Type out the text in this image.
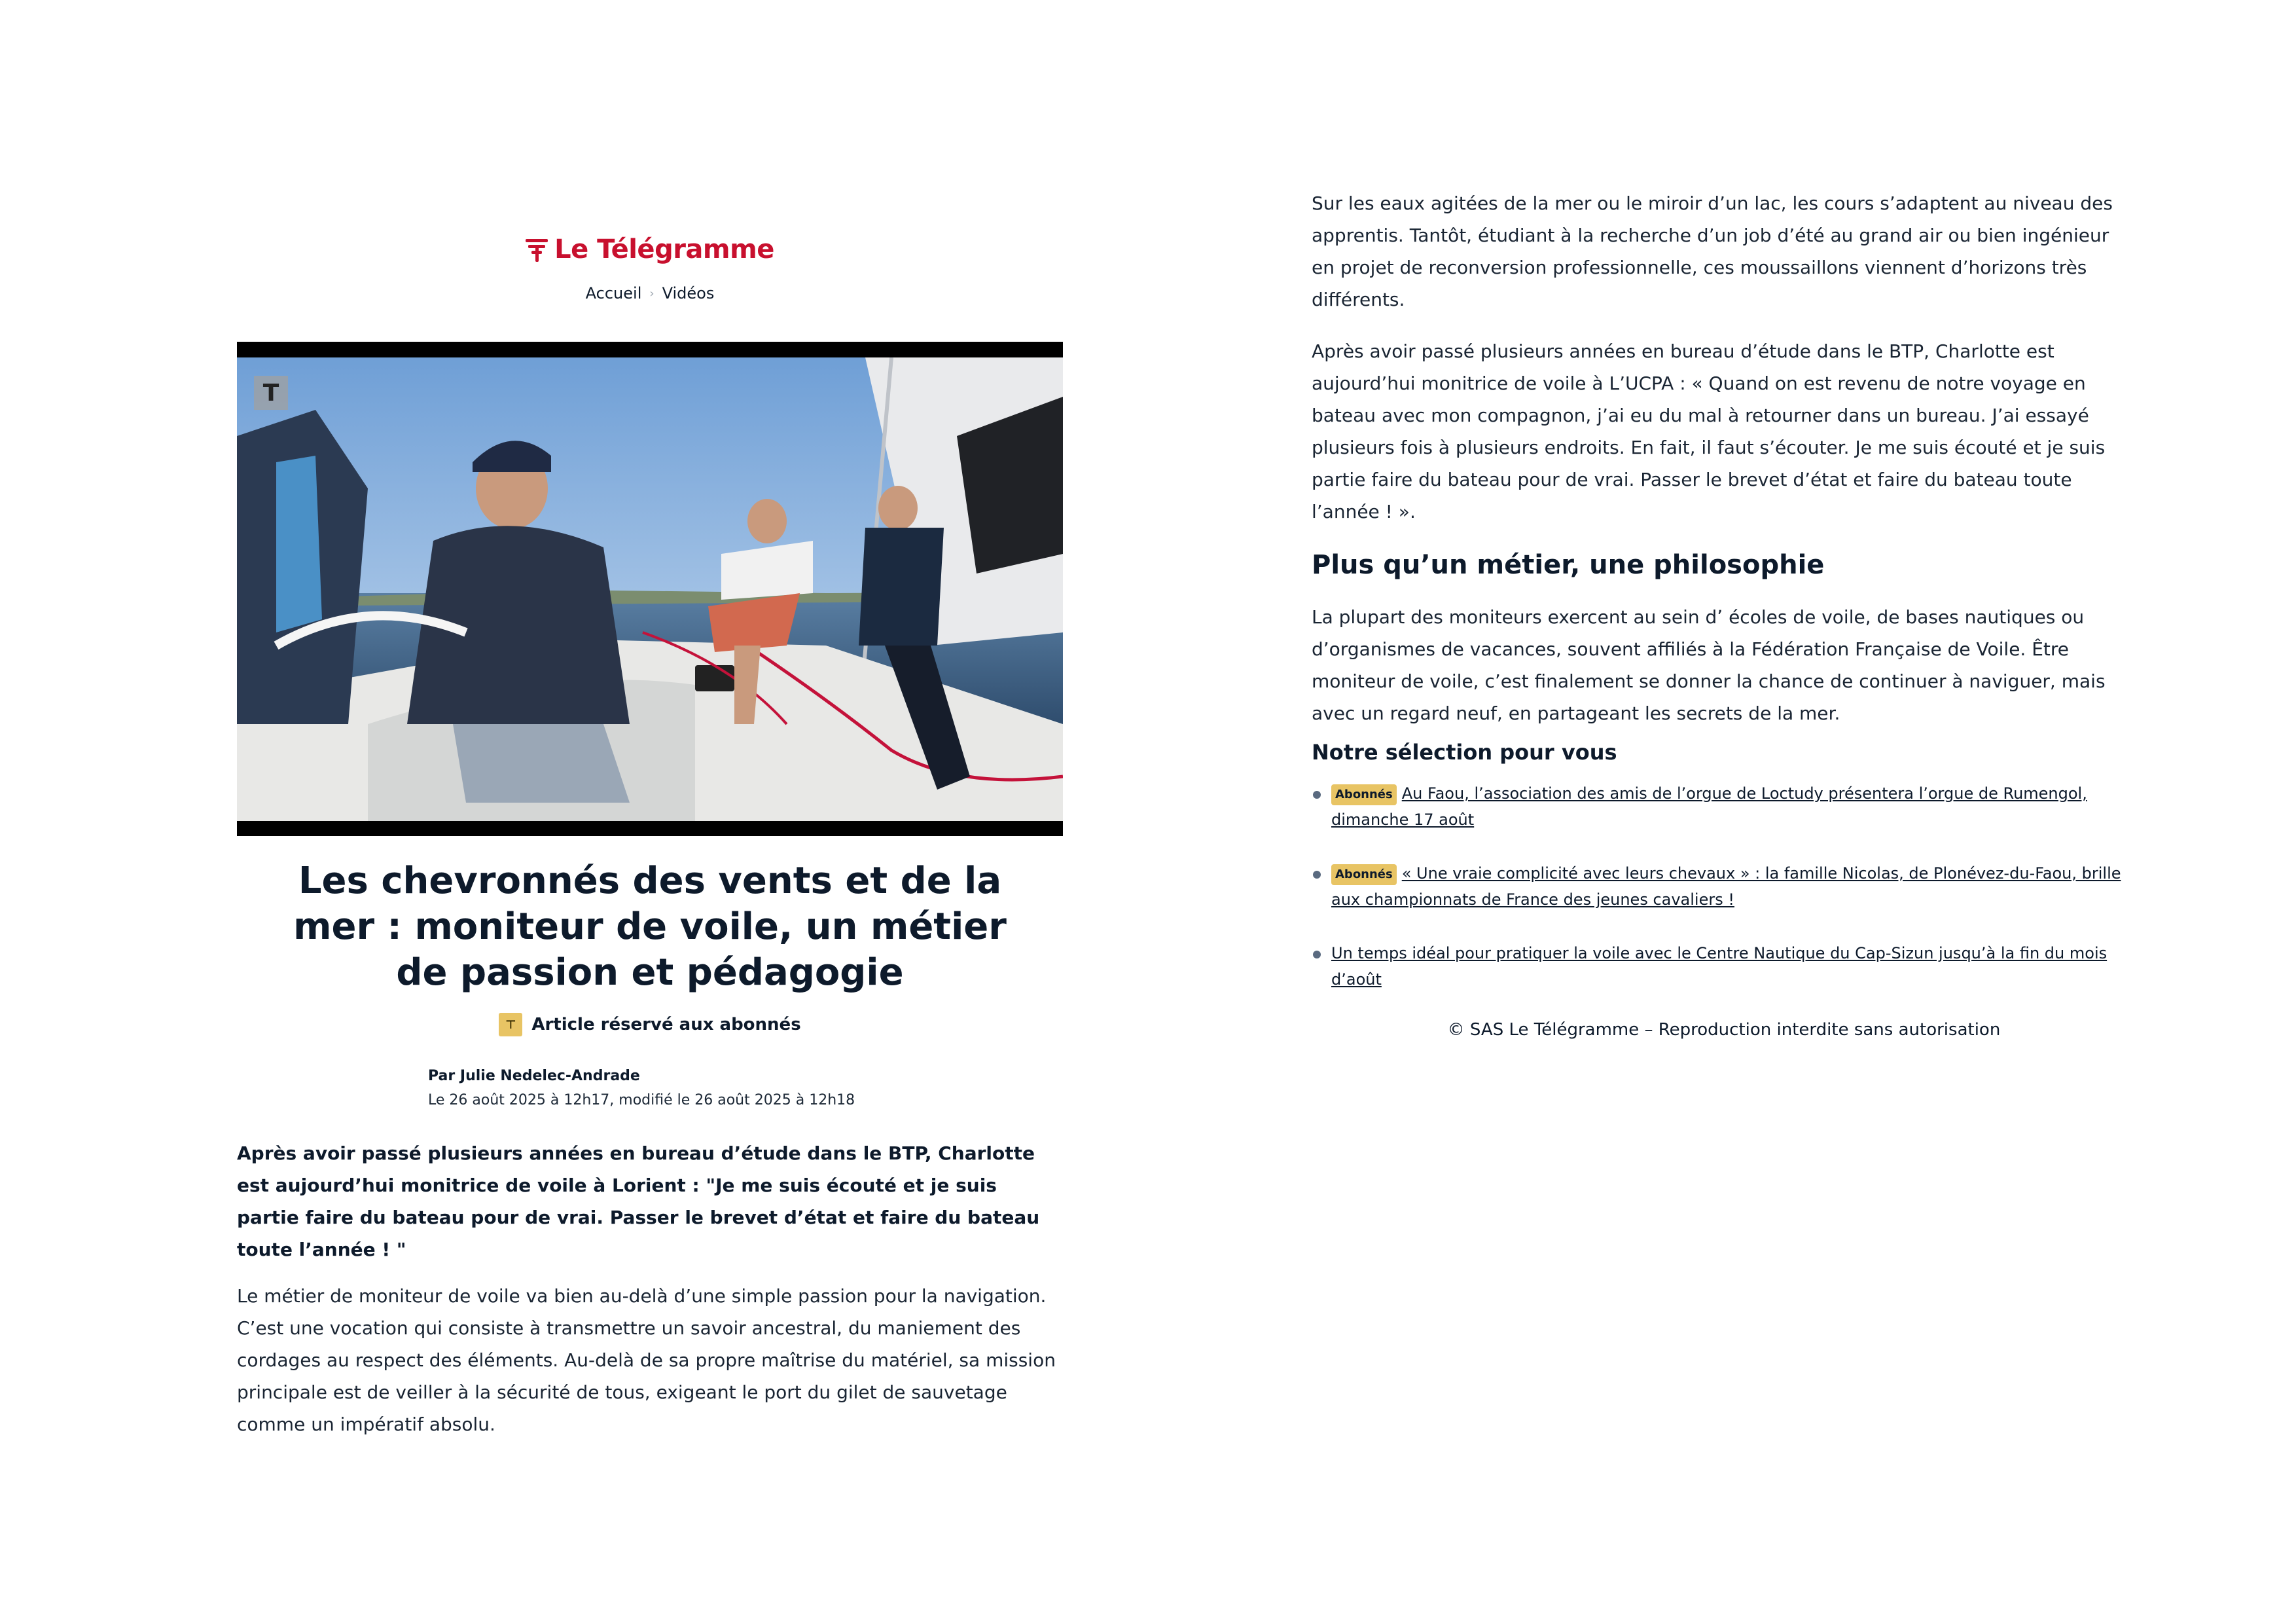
Le Télégramme
Accueil › Vidéos
T
Les chevronnés des vents et de la mer : moniteur de voile, un métier de passion et pédagogie
⊤ Article réservé aux abonnés
Par Julie Nedelec-Andrade
Le 26 août 2025 à 12h17, modifié le 26 août 2025 à 12h18

Après avoir passé plusieurs années en bureau dʼétude dans le BTP, Charlotte est aujourd’hui monitrice de voile à Lorient : "Je me suis écouté et je suis partie faire du bateau pour de vrai. Passer le brevet d’état et faire du bateau toute l’année ! "

Le métier de moniteur de voile va bien au-delà d’une simple passion pour la navigation. C’est une vocation qui consiste à transmettre un savoir ancestral, du maniement des cordages au respect des éléments. Au-delà de sa propre maîtrise du matériel, sa mission principale est de veiller à la sécurité de tous, exigeant le port du gilet de sauvetage comme un impératif absolu.

Sur les eaux agitées de la mer ou le miroir d’un lac, les cours s’adaptent au niveau des apprentis. Tantôt, étudiant à la recherche d’un job d’été au grand air ou bien ingénieur en projet de reconversion professionnelle, ces moussaillons viennent d’horizons très différents.

Après avoir passé plusieurs années en bureau d’étude dans le BTP, Charlotte est aujourd’hui monitrice de voile à L’UCPA : « Quand on est revenu de notre voyage en bateau avec mon compagnon, j’ai eu du mal à retourner dans un bureau. J’ai essayé plusieurs fois à plusieurs endroits. En fait, il faut s’écouter. Je me suis écouté et je suis partie faire du bateau pour de vrai. Passer le brevet d’état et faire du bateau toute l’année ! ».

Plus qu’un métier, une philosophie

La plupart des moniteurs exercent au sein dʼ écoles de voile, de bases nautiques ou d’organismes de vacances, souvent affiliés à la Fédération Française de Voile. Être moniteur de voile, c’est finalement se donner la chance de continuer à naviguer, mais avec un regard neuf, en partageant les secrets de la mer.

Notre sélection pour vous
Abonnés Au Faou, l’association des amis de l’orgue de Loctudy présentera l’orgue de Rumengol, dimanche 17 août
Abonnés « Une vraie complicité avec leurs chevaux » : la famille Nicolas, de Plonévez-du-Faou, brille aux championnats de France des jeunes cavaliers !
Un temps idéal pour pratiquer la voile avec le Centre Nautique du Cap-Sizun jusqu’à la fin du mois d’août
© SAS Le Télégramme – Reproduction interdite sans autorisation
